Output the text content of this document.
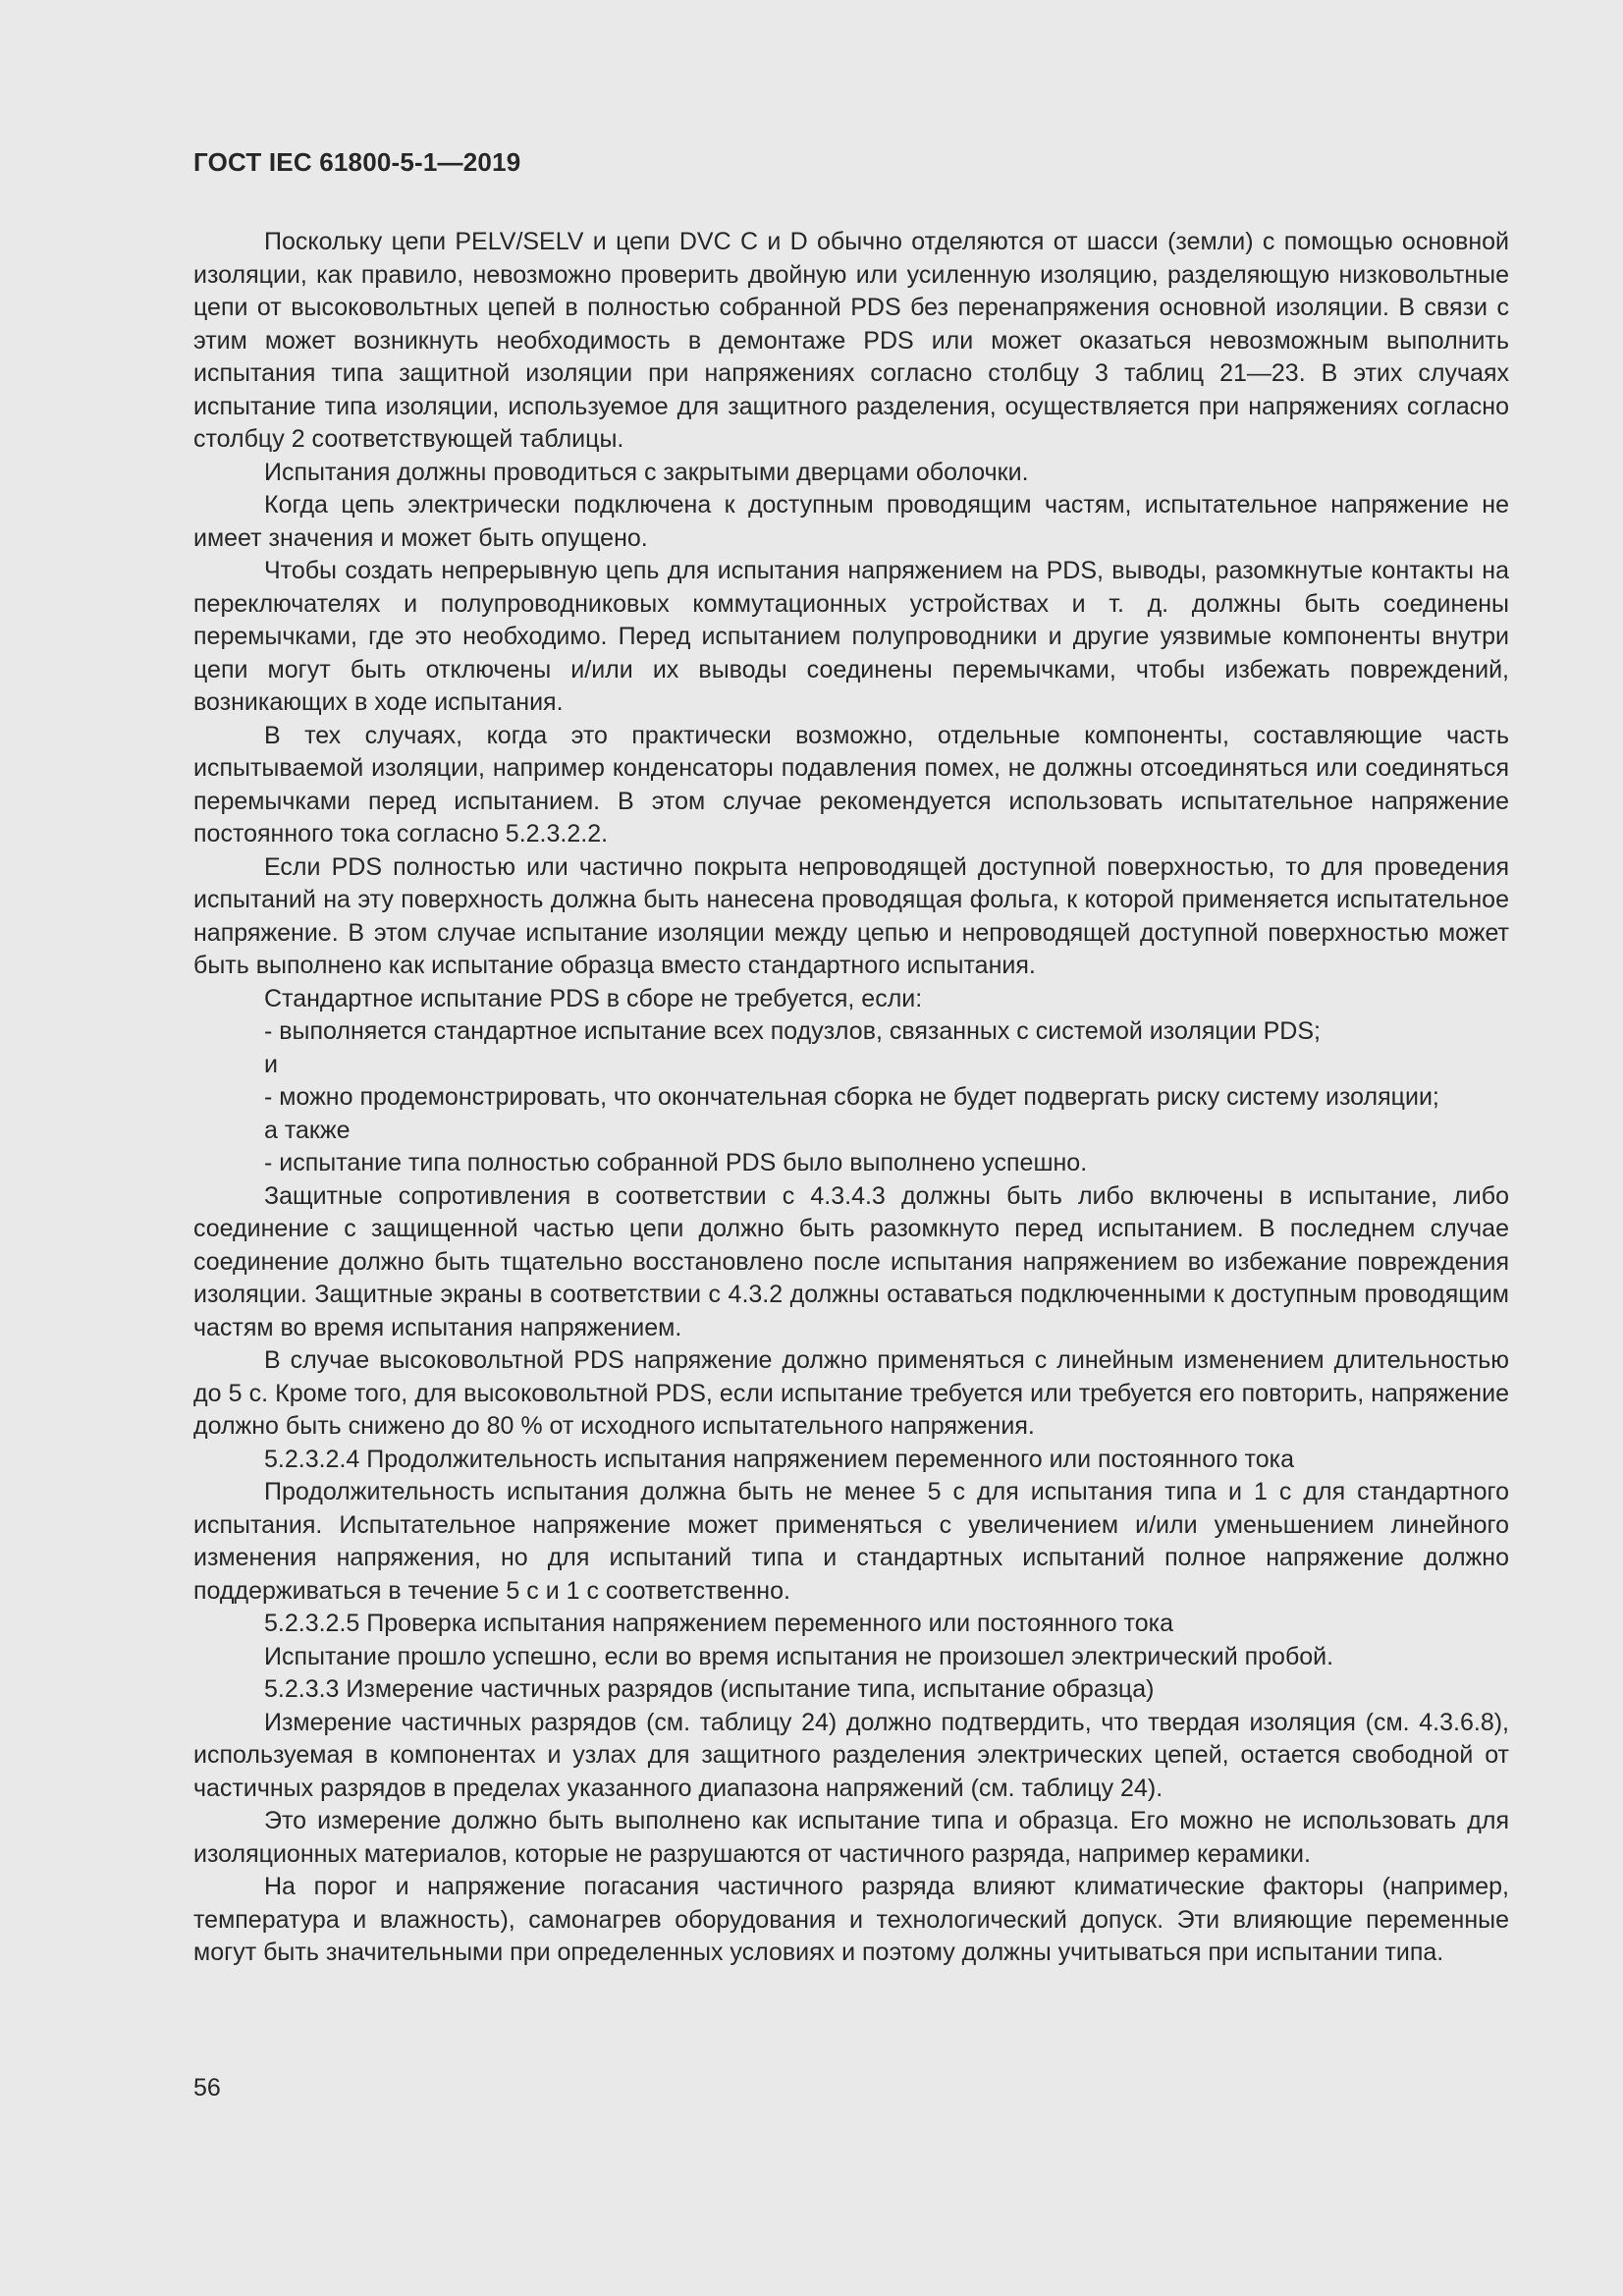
ГОСТ IEC 61800-5-1—2019

Поскольку цепи PELV/SELV и цепи DVC C и D обычно отделяются от шасси (земли) с помощью основной изоляции, как правило, невозможно проверить двойную или усиленную изоляцию, разделяющую низковольтные цепи от высоковольтных цепей в полностью собранной PDS без перенапряжения основной изоляции. В связи с этим может возникнуть необходимость в демонтаже PDS или может оказаться невозможным выполнить испытания типа защитной изоляции при напряжениях согласно столбцу 3 таблиц 21—23. В этих случаях испытание типа изоляции, используемое для защитного разделения, осуществляется при напряжениях согласно столбцу 2 соответствующей таблицы.

Испытания должны проводиться с закрытыми дверцами оболочки.

Когда цепь электрически подключена к доступным проводящим частям, испытательное напряжение не имеет значения и может быть опущено.

Чтобы создать непрерывную цепь для испытания напряжением на PDS, выводы, разомкнутые контакты на переключателях и полупроводниковых коммутационных устройствах и т. д. должны быть соединены перемычками, где это необходимо. Перед испытанием полупроводники и другие уязвимые компоненты внутри цепи могут быть отключены и/или их выводы соединены перемычками, чтобы избежать повреждений, возникающих в ходе испытания.

В тех случаях, когда это практически возможно, отдельные компоненты, составляющие часть испытываемой изоляции, например конденсаторы подавления помех, не должны отсоединяться или соединяться перемычками перед испытанием. В этом случае рекомендуется использовать испытательное напряжение постоянного тока согласно 5.2.3.2.2.

Если PDS полностью или частично покрыта непроводящей доступной поверхностью, то для проведения испытаний на эту поверхность должна быть нанесена проводящая фольга, к которой применяется испытательное напряжение. В этом случае испытание изоляции между цепью и непроводящей доступной поверхностью может быть выполнено как испытание образца вместо стандартного испытания.

Стандартное испытание PDS в сборе не требуется, если:

- выполняется стандартное испытание всех подузлов, связанных с системой изоляции PDS;

и

- можно продемонстрировать, что окончательная сборка не будет подвергать риску систему изоляции;

а также

- испытание типа полностью собранной PDS было выполнено успешно.

Защитные сопротивления в соответствии с 4.3.4.3 должны быть либо включены в испытание, либо соединение с защищенной частью цепи должно быть разомкнуто перед испытанием. В последнем случае соединение должно быть тщательно восстановлено после испытания напряжением во избежание повреждения изоляции. Защитные экраны в соответствии с 4.3.2 должны оставаться подключенными к доступным проводящим частям во время испытания напряжением.

В случае высоковольтной PDS напряжение должно применяться с линейным изменением длительностью до 5 с. Кроме того, для высоковольтной PDS, если испытание требуется или требуется его повторить, напряжение должно быть снижено до 80 % от исходного испытательного напряжения.

5.2.3.2.4 Продолжительность испытания напряжением переменного или постоянного тока

Продолжительность испытания должна быть не менее 5 с для испытания типа и 1 с для стандартного испытания. Испытательное напряжение может применяться с увеличением и/или уменьшением линейного изменения напряжения, но для испытаний типа и стандартных испытаний полное напряжение должно поддерживаться в течение 5 с и 1 с соответственно.

5.2.3.2.5 Проверка испытания напряжением переменного или постоянного тока

Испытание прошло успешно, если во время испытания не произошел электрический пробой.

5.2.3.3 Измерение частичных разрядов (испытание типа, испытание образца)

Измерение частичных разрядов (см. таблицу 24) должно подтвердить, что твердая изоляция (см. 4.3.6.8), используемая в компонентах и узлах для защитного разделения электрических цепей, остается свободной от частичных разрядов в пределах указанного диапазона напряжений (см. таблицу 24).

Это измерение должно быть выполнено как испытание типа и образца. Его можно не использовать для изоляционных материалов, которые не разрушаются от частичного разряда, например керамики.

На порог и напряжение погасания частичного разряда влияют климатические факторы (например, температура и влажность), самонагрев оборудования и технологический допуск. Эти влияющие переменные могут быть значительными при определенных условиях и поэтому должны учитываться при испытании типа.

56
